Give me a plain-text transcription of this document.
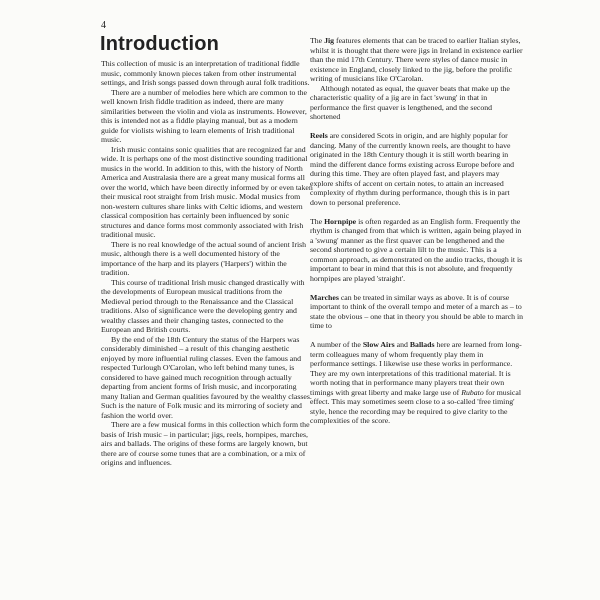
4
Introduction

This collection of music is an interpretation of traditional fiddle music, commonly known pieces taken from other instrumental settings, and Irish songs passed down through aural folk traditions.

There are a number of melodies here which are common to the well known Irish fiddle tradition as indeed, there are many similarities between the violin and viola as instruments. However, this is intended not as a fiddle playing manual, but as a modern guide for violists wishing to learn elements of Irish traditional music.

Irish music contains sonic qualities that are recognized far and wide. It is perhaps one of the most distinctive sounding traditional musics in the world. In addition to this, with the history of North America and Australasia there are a great many musical forms all over the world, which have been directly informed by or even taken their musical root straight from Irish music. Modal musics from non-western cultures share links with Celtic idioms, and western classical composition has certainly been influenced by sonic structures and dance forms most commonly associated with Irish traditional music.

There is no real knowledge of the actual sound of ancient Irish music, although there is a well documented history of the importance of the harp and its players ('Harpers') within the tradition.

This course of traditional Irish music changed drastically with the developments of European musical traditions from the Medieval period through to the Renaissance and the Classical traditions. Also of significance were the developing gentry and wealthy classes and their changing tastes, connected to the European and British courts.

By the end of the 18th Century the status of the Harpers was considerably diminished – a result of this changing aesthetic enjoyed by more influential ruling classes. Even the famous and respected Turlough O'Carolan, who left behind many tunes, is considered to have gained much recognition through actually departing from ancient forms of Irish music, and incorporating many Italian and German qualities favoured by the wealthy classes. Such is the nature of Folk music and its mirroring of society and fashion the world over.

There are a few musical forms in this collection which form the basis of Irish music – in particular; jigs, reels, hornpipes, marches, airs and ballads. The origins of these forms are largely known, but there are of course some tunes that are a combination, or a mix of origins and influences.

The Jig features elements that can be traced to earlier Italian styles, whilst it is thought that there were jigs in Ireland in existence earlier than the mid 17th Century. There were styles of dance music in existence in England, closely linked to the jig, before the prolific writing of musicians like O'Carolan.

Although notated as equal, the quaver beats that make up the characteristic quality of a jig are in fact 'swung' in that in performance the first quaver is lengthened, and the second shortened

Reels are considered Scots in origin, and are highly popular for dancing. Many of the currently known reels, are thought to have originated in the 18th Century though it is still worth bearing in mind the different dance forms existing across Europe before and during this time. They are often played fast, and players may explore shifts of accent on certain notes, to attain an increased complexity of rhythm during performance, though this is in part down to personal preference.

The Hornpipe is often regarded as an English form. Frequently the rhythm is changed from that which is written, again being played in a 'swung' manner as the first quaver can be lengthened and the second shortened to give a certain lilt to the music. This is a common approach, as demonstrated on the audio tracks, though it is important to bear in mind that this is not absolute, and frequently hornpipes are played 'straight'.

Marches can be treated in similar ways as above. It is of course important to think of the overall tempo and meter of a march as – to state the obvious – one that in theory you should be able to march in time to

A number of the Slow Airs and Ballads here are learned from long-term colleagues many of whom frequently play them in performance settings. I likewise use these works in performance. They are my own interpretations of this traditional material. It is worth noting that in performance many players treat their own timings with great liberty and make large use of Rubato for musical effect. This may sometimes seem close to a so-called 'free timing' style, hence the recording may be required to give clarity to the complexities of the score.
